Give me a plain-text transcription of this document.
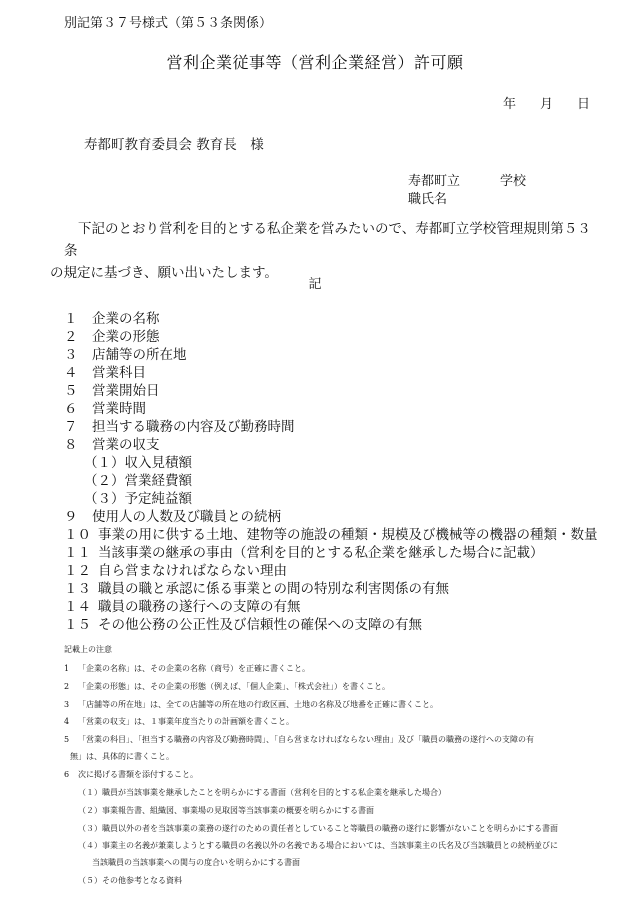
別記第３７号様式（第５３条関係）
営利企業従事等（営利企業経営）許可願
年 月 日
寿都町教育委員会 教育長　様
寿都町立	学校
職氏名
下記のとおり営利を目的とする私企業を営みたいので、寿都町立学校管理規則第５３条
の規定に基づき、願い出いたします。
記
１ 企業の名称
２ 企業の形態
３ 店舗等の所在地
４ 営業科目
５ 営業開始日
６ 営業時間
７ 担当する職務の内容及び勤務時間
８ 営業の収支
（１）収入見積額
（２）営業経費額
（３）予定純益額
９ 使用人の人数及び職員との続柄
１０ 事業の用に供する土地、建物等の施設の種類・規模及び機械等の機器の種類・数量
１１ 当該事業の継承の事由（営利を目的とする私企業を継承した場合に記載）
１２ 自ら営まなければならない理由
１３ 職員の職と承認に係る事業との間の特別な利害関係の有無
１４ 職員の職務の遂行への支障の有無
１５ その他公務の公正性及び信頼性の確保への支障の有無
記載上の注意
1 「企業の名称」は、その企業の名称（商号）を正確に書くこと。
2 「企業の形態」は、その企業の形態（例えば、「個人企業」、「株式会社」）を書くこと。
3 「店舗等の所在地」は、全ての店舗等の所在地の行政区画、土地の名称及び地番を正確に書くこと。
4 「営業の収支」は、１事業年度当たりの計画額を書くこと。
5 「営業の科目」、「担当する職務の内容及び勤務時間」、「自ら営まなければならない理由」及び「職員の職務の遂行への支障の有
無」は、具体的に書くこと。
6 次に掲げる書類を添付すること。
（１）職員が当該事業を継承したことを明らかにする書面（営利を目的とする私企業を継承した場合）
（２）事業報告書、組織図、事業場の見取図等当該事業の概要を明らかにする書面
（３）職員以外の者を当該事業の業務の遂行のための責任者としていること等職員の職務の遂行に影響がないことを明らかにする書面
（４）事業主の名義が兼業しようとする職員の名義以外の名義である場合においては、当該事業主の氏名及び当該職員との続柄並びに
当該職員の当該事業への関与の度合いを明らかにする書面
（５）その他参考となる資料
